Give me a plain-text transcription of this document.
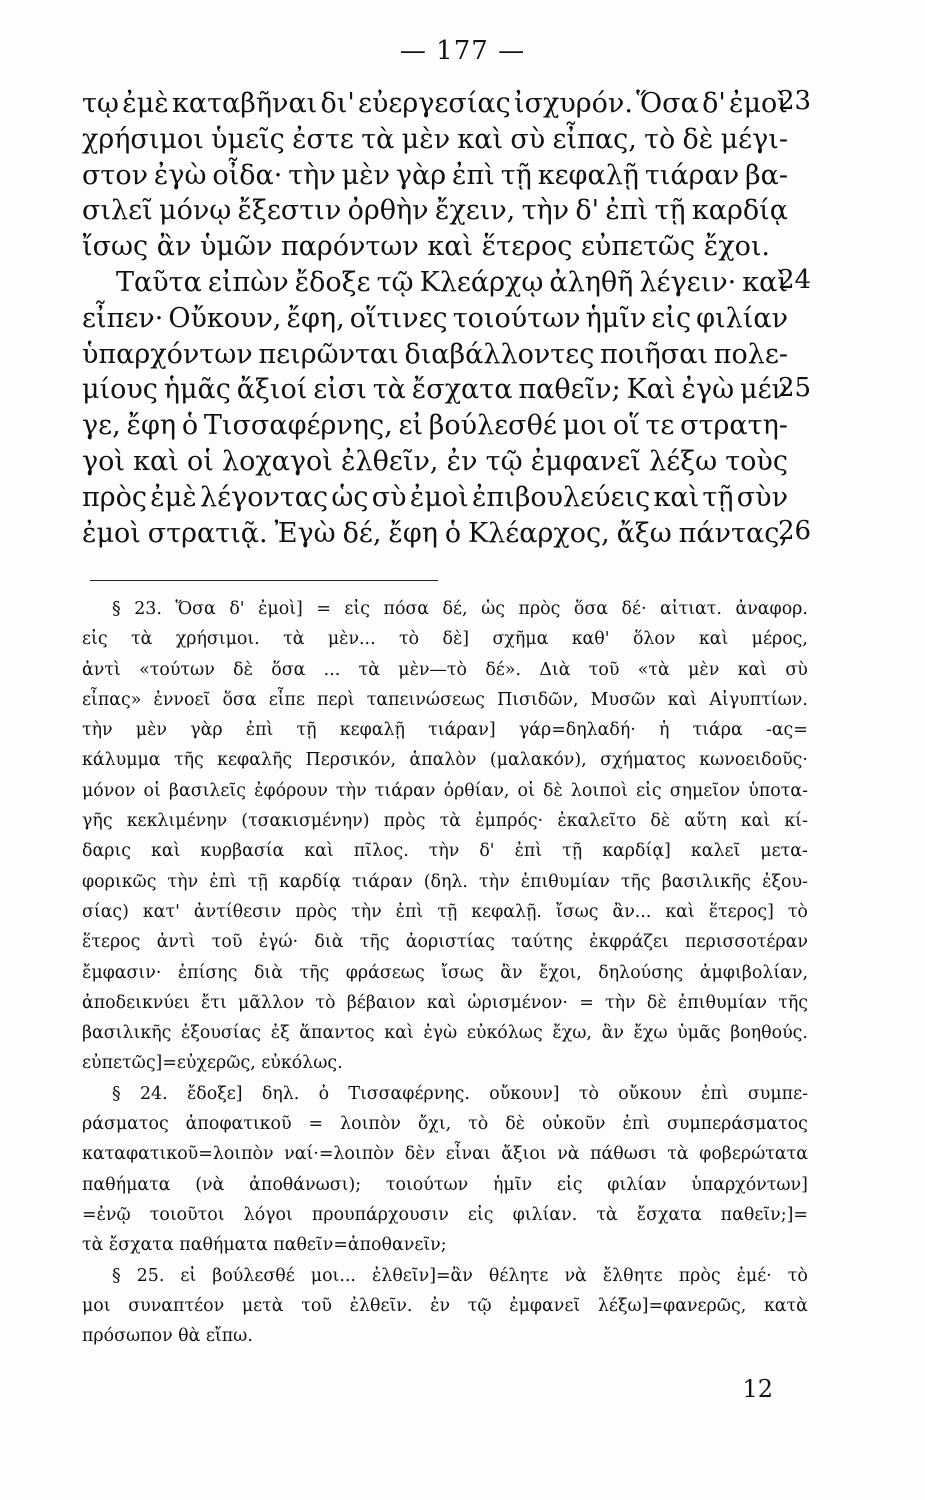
— 177 —
τῳ ἐμὲ καταβῆναι δι' εὐεργεσίας ἰσχυρόν. Ὅσα δ' ἐμοὶ
χρήσιμοι ὑμεῖς ἐστε τὰ μὲν καὶ σὺ εἶπας, τὸ δὲ μέγι-
στον ἐγὼ οἶδα· τὴν μὲν γὰρ ἐπὶ τῇ κεφαλῇ τιάραν βα-
σιλεῖ μόνῳ ἔξεστιν ὀρθὴν ἔχειν, τὴν δ' ἐπὶ τῇ καρδίᾳ
ἴσως ἂν ὑμῶν παρόντων καὶ ἕτερος εὐπετῶς ἔχοι.
Ταῦτα εἰπὼν ἔδοξε τῷ Κλεάρχῳ ἀληθῆ λέγειν· καὶ
εἶπεν· Οὔκουν, ἔφη, οἵτινες τοιούτων ἡμῖν εἰς φιλίαν
ὑπαρχόντων πειρῶνται διαβάλλοντες ποιῆσαι πολε-
μίους ἡμᾶς ἄξιοί εἰσι τὰ ἔσχατα παθεῖν; Καὶ ἐγὼ μέν
γε, ἔφη ὁ Τισσαφέρνης, εἰ βούλεσθέ μοι οἵ τε στρατη-
γοὶ καὶ οἱ λοχαγοὶ ἐλθεῖν, ἐν τῷ ἐμφανεῖ λέξω τοὺς
πρὸς ἐμὲ λέγοντας ὡς σὺ ἐμοὶ ἐπιβουλεύεις καὶ τῇ σὺν
ἐμοὶ στρατιᾷ. Ἐγὼ δέ, ἔφη ὁ Κλέαρχος, ἄξω πάντας,
23
24
25
26
§ 23. Ὅσα δ' ἐμοὶ] = εἰς πόσα δέ, ὡς πρὸς ὅσα δέ· αἰτιατ. ἀναφορ.
εἰς τὰ χρήσιμοι. τὰ μὲν... τὸ δὲ] σχῆμα καθ' ὅλον καὶ μέρος,
ἀντὶ «τούτων δὲ ὅσα ... τὰ μὲν—τὸ δέ». Διὰ τοῦ «τὰ μὲν καὶ σὺ
εἶπας» ἐννοεῖ ὅσα εἶπε περὶ ταπεινώσεως Πισιδῶν, Μυσῶν καὶ Αἰγυπτίων.
τὴν μὲν γὰρ ἐπὶ τῇ κεφαλῇ τιάραν] γάρ=δηλαδή· ἡ τιάρα -ας=
κάλυμμα τῆς κεφαλῆς Περσικόν, ἁπαλὸν (μαλακόν), σχήματος κωνοειδοῦς·
μόνον οἱ βασιλεῖς ἐφόρουν τὴν τιάραν ὀρθίαν, οἱ δὲ λοιποὶ εἰς σημεῖον ὑποτα-
γῆς κεκλιμένην (τσακισμένην) πρὸς τὰ ἐμπρός· ἐκαλεῖτο δὲ αὕτη καὶ κί-
δαρις καὶ κυρβασία καὶ πῖλος. τὴν δ' ἐπὶ τῇ καρδίᾳ] καλεῖ μετα-
φορικῶς τὴν ἐπὶ τῇ καρδίᾳ τιάραν (δηλ. τὴν ἐπιθυμίαν τῆς βασιλικῆς ἐξου-
σίας) κατ' ἀντίθεσιν πρὸς τὴν ἐπὶ τῇ κεφαλῇ. ἴσως ἂν... καὶ ἕτερος] τὸ
ἕτερος ἀντὶ τοῦ ἐγώ· διὰ τῆς ἀοριστίας ταύτης ἐκφράζει περισσοτέραν
ἔμφασιν· ἐπίσης διὰ τῆς φράσεως ἴσως ἂν ἔχοι, δηλούσης ἀμφιβολίαν,
ἀποδεικνύει ἔτι μᾶλλον τὸ βέβαιον καὶ ὡρισμένον· = τὴν δὲ ἐπιθυμίαν τῆς
βασιλικῆς ἐξουσίας ἐξ ἅπαντος καὶ ἐγὼ εὐκόλως ἔχω, ἂν ἔχω ὑμᾶς βοηθούς.
εὐπετῶς]=εὐχερῶς, εὐκόλως.
§ 24. ἔδοξε] δηλ. ὁ Τισσαφέρνης. οὔκουν] τὸ οὔκουν ἐπὶ συμπε-
ράσματος ἀποφατικοῦ = λοιπὸν ὄχι, τὸ δὲ οὐκοῦν ἐπὶ συμπεράσματος
καταφατικοῦ=λοιπὸν ναί·=λοιπὸν δὲν εἶναι ἄξιοι νὰ πάθωσι τὰ φοβερώτατα
παθήματα (νὰ ἀποθάνωσι); τοιούτων ἡμῖν εἰς φιλίαν ὑπαρχόντων]
=ἐνῷ τοιοῦτοι λόγοι προυπάρχουσιν εἰς φιλίαν. τὰ ἔσχατα παθεῖν;]=
τὰ ἔσχατα παθήματα παθεῖν=ἀποθανεῖν;
§ 25. εἰ βούλεσθέ μοι... ἐλθεῖν]=ἂν θέλητε νὰ ἔλθητε πρὸς ἐμέ· τὸ
μοι συναπτέον μετὰ τοῦ ἐλθεῖν. ἐν τῷ ἐμφανεῖ λέξω]=φανερῶς, κατὰ
πρόσωπον θὰ εἴπω.
12
